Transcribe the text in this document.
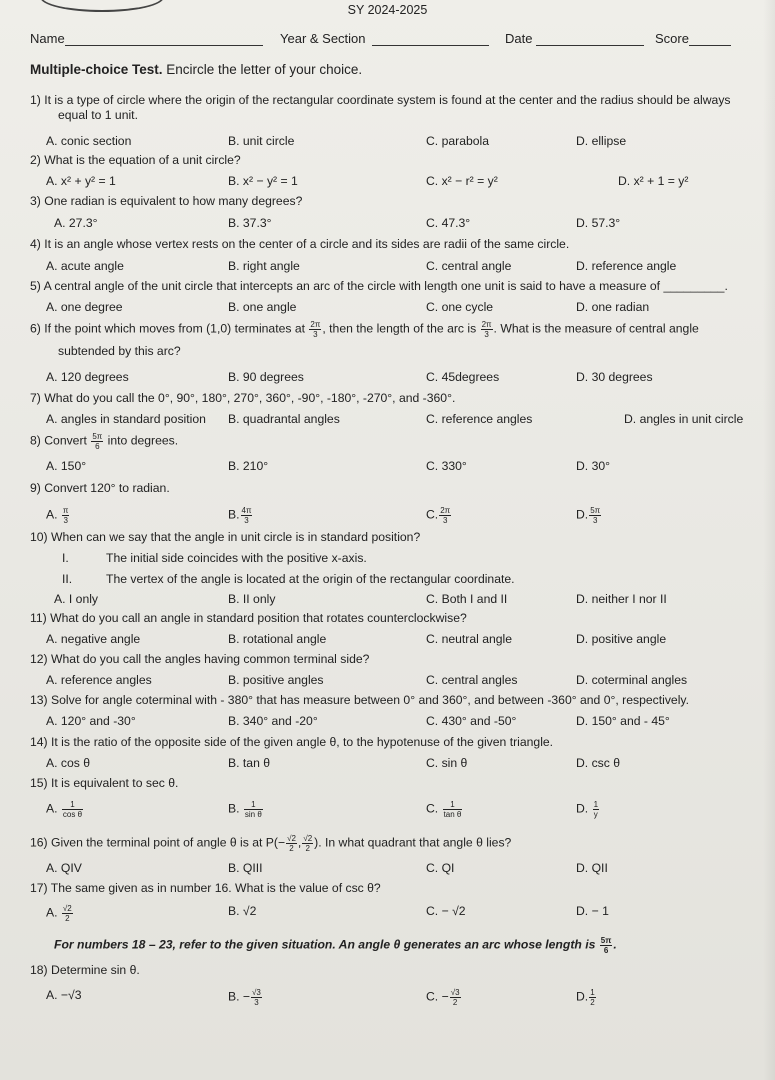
SY 2024-2025
Name	Year & Section	Date	Score
Multiple-choice Test. Encircle the letter of your choice.
1) It is a type of circle where the origin of the rectangular coordinate system is found at the center and the radius should be always
equal to 1 unit.
A. conic section	B. unit circle	C. parabola	D. ellipse
2) What is the equation of a unit circle?
A. x² + y² = 1	B. x² − y² = 1	C. x² − r² = y²	D. x² + 1 = y²
3) One radian is equivalent to how many degrees?
A. 27.3°	B. 37.3°	C. 47.3°	D. 57.3°
4) It is an angle whose vertex rests on the center of a circle and its sides are radii of the same circle.
A. acute angle	B. right angle	C. central angle	D. reference angle
5) A central angle of the unit circle that intercepts an arc of the circle with length one unit is said to have a measure of _________.
A. one degree	B. one angle	C. one cycle	D. one radian
6) If the point which moves from (1,0) terminates at $\frac{2\pi}{3}$ , then the length of the arc is $\frac{2\pi}{3}$ . What is the measure of central angle
subtended by this arc?
A. 120 degrees	B. 90 degrees	C. 45degrees	D. 30 degrees
7) What do you call the 0°, 90°, 180°, 270°, 360°, -90°, -180°, -270°, and -360°.
A. angles in standard position B. quadrantal angles	C. reference angles	D. angles in unit circle
8) Convert $\frac{5\pi}{6}$ into degrees.
A. 150°	B. 210°	C. 330°	D. 30°
9) Convert 120° to radian.
A. $\frac{\pi}{3}$	B. $\frac{4\pi}{3}$	C. $\frac{2\pi}{3}$	D. $\frac{5\pi}{3}$
10) When can we say that the angle in unit circle is in standard position?
I.	The initial side coincides with the positive x-axis.
II.	The vertex of the angle is located at the origin of the rectangular coordinate.
A. I only	B. II only	C. Both I and II	D. neither I nor II
11) What do you call an angle in standard position that rotates counterclockwise?
A. negative angle	B. rotational angle	C. neutral angle	D. positive angle
12) What do you call the angles having common terminal side?
A. reference angles	B. positive angles	C. central angles	D. coterminal angles
13) Solve for angle coterminal with - 380° that has measure between 0° and 360°, and between -360° and 0°, respectively.
A. 120° and -30°	B. 340° and -20°	C. 430° and -50°	D. 150° and - 45°
14) It is the ratio of the opposite side of the given angle θ, to the hypotenuse of the given triangle.
A. cos θ	B. tan θ	C. sin θ	D. csc θ
15) It is equivalent to sec θ.
A. $\frac{1}{\text{cos θ}}$	B. $\frac{1}{\text{sin θ}}$	C. $\frac{1}{\text{tan θ}}$	D. $\frac{1}{y}$
16) Given the terminal point of angle θ is at $P(- \frac{√2}{2}$ , $\frac{√2}{2}$ ). In what quadrant that angle θ lies?
A. QIV	B. QIII	C. QI	D. QII
17) The same given as in number 16. What is the value of csc θ?
A. $\frac{√2}{2}$	B. √2	C. − √2	D. − 1
For numbers 18 – 23, refer to the given situation. An angle θ generates an arc whose length is $\frac{5\pi}{6}$ .
18) Determine sin θ.
A. −√3	B. − $\frac{√3}{3}$	C. − $\frac{√3}{2}$	D. $\frac{1}{2}$
